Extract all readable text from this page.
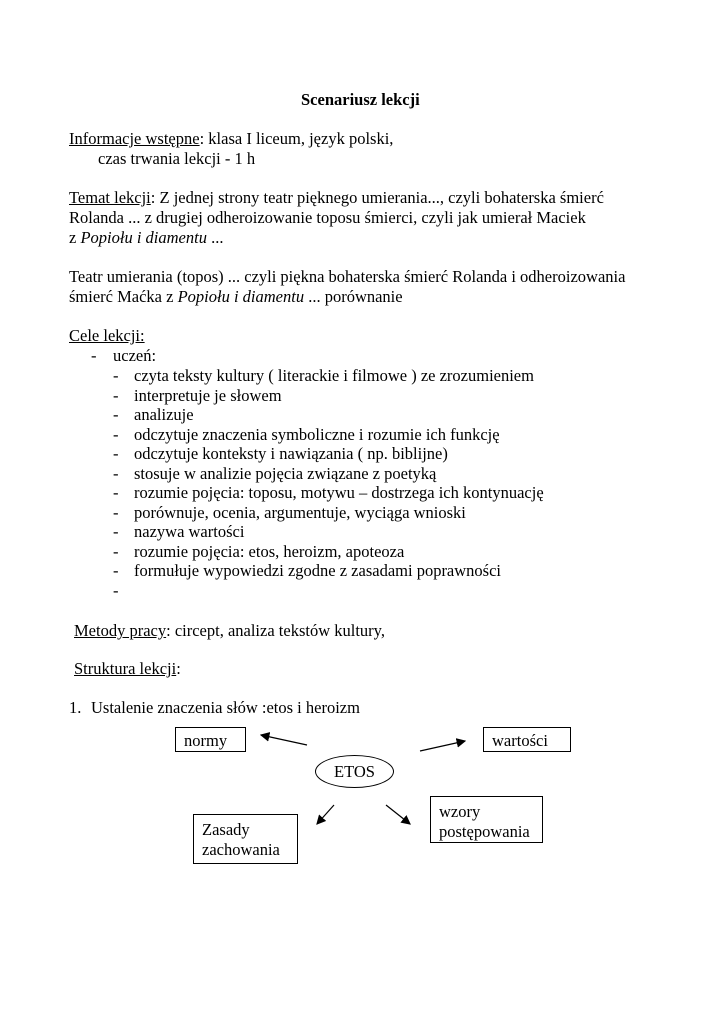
Scenariusz lekcji
Informacje wstępne: klasa I liceum, język polski,
czas trwania lekcji - 1 h
Temat lekcji: Z jednej strony teatr pięknego umierania..., czyli bohaterska śmierć
Rolanda ... z drugiej odheroizowanie toposu śmierci, czyli jak umierał Maciek
z Popiołu i diamentu ...
Teatr umierania (topos) ... czyli piękna bohaterska śmierć Rolanda i odheroizowania
śmierć Maćka z Popiołu i diamentu ... porównanie
Cele lekcji:
- uczeń:
- czyta teksty kultury ( literackie i filmowe ) ze zrozumieniem
- interpretuje je słowem
- analizuje
- odczytuje znaczenia symboliczne i rozumie ich funkcję
- odczytuje konteksty i nawiązania ( np. biblijne)
- stosuje w analizie pojęcia związane z poetyką
- rozumie pojęcia: toposu, motywu – dostrzega ich kontynuację
- porównuje, ocenia, argumentuje, wyciąga wnioski
- nazywa wartości
- rozumie pojęcia: etos, heroizm, apoteoza
- formułuje wypowiedzi zgodne z zasadami poprawności
-
Metody pracy: circept, analiza tekstów kultury,
Struktura lekcji:
1. Ustalenie znaczenia słów :etos i heroizm
normy	wartości
ETOS
Zasady
zachowania
wzory
postępowania
